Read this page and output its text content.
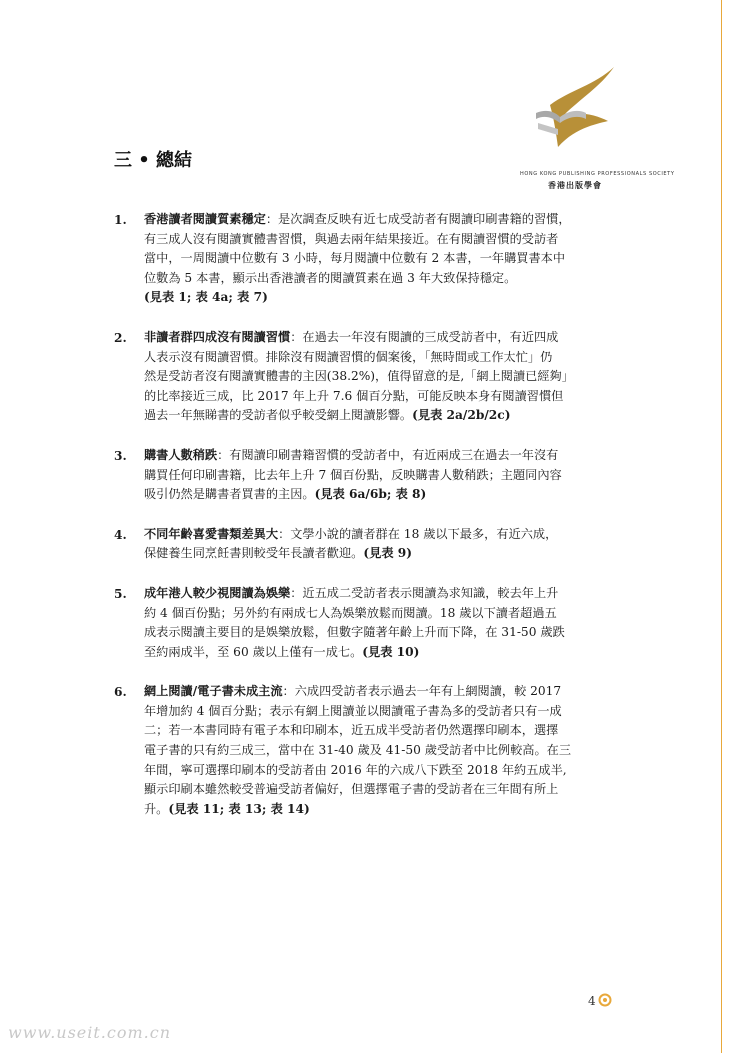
HONG KONG PUBLISHING PROFESSIONALS SOCIETY
香港出版學會
三 • 總結
1. 香港讀者閱讀質素穩定：是次調查反映有近七成受訪者有閱讀印刷書籍的習慣，
有三成人沒有閱讀實體書習慣，與過去兩年結果接近。在有閱讀習慣的受訪者
當中，一周閱讀中位數有 3 小時，每月閱讀中位數有 2 本書，一年購買書本中
位數為 5 本書，顯示出香港讀者的閱讀質素在過 3 年大致保持穩定。
(見表 1; 表 4a; 表 7)
2. 非讀者群四成沒有閱讀習慣：在過去一年沒有閱讀的三成受訪者中，有近四成
人表示沒有閱讀習慣。排除沒有閱讀習慣的個案後，「無時間或工作太忙」仍
然是受訪者沒有閱讀實體書的主因(38.2%)，值得留意的是,「網上閱讀已經夠」
的比率接近三成，比 2017 年上升 7.6 個百分點，可能反映本身有閱讀習慣但
過去一年無睇書的受訪者似乎較受網上閱讀影響。(見表 2a/2b/2c)
3. 購書人數稍跌：有閱讀印刷書籍習慣的受訪者中，有近兩成三在過去一年沒有
購買任何印刷書籍，比去年上升 7 個百份點，反映購書人數稍跌；主題同內容
吸引仍然是購書者買書的主因。(見表 6a/6b; 表 8)
4. 不同年齡喜愛書類差異大：文學小說的讀者群在 18 歲以下最多，有近六成，
保健養生同烹飪書則較受年長讀者歡迎。(見表 9)
5. 成年港人較少視閱讀為娛樂：近五成二受訪者表示閱讀為求知識，較去年上升
約 4 個百份點；另外約有兩成七人為娛樂放鬆而閱讀。18 歲以下讀者超過五
成表示閱讀主要目的是娛樂放鬆，但數字隨著年齡上升而下降，在 31-50 歲跌
至約兩成半，至 60 歲以上僅有一成七。(見表 10)
6. 網上閱讀/電子書未成主流：六成四受訪者表示過去一年有上網閱讀，較 2017
年增加約 4 個百分點；表示有網上閱讀並以閱讀電子書為多的受訪者只有一成
二；若一本書同時有電子本和印刷本，近五成半受訪者仍然選擇印刷本，選擇
電子書的只有約三成三，當中在 31-40 歲及 41-50 歲受訪者中比例較高。在三
年間，寧可選擇印刷本的受訪者由 2016 年的六成八下跌至 2018 年約五成半,
顯示印刷本雖然較受普遍受訪者偏好，但選擇電子書的受訪者在三年間有所上
升。(見表 11; 表 13; 表 14)
4
www.useit.com.cn
